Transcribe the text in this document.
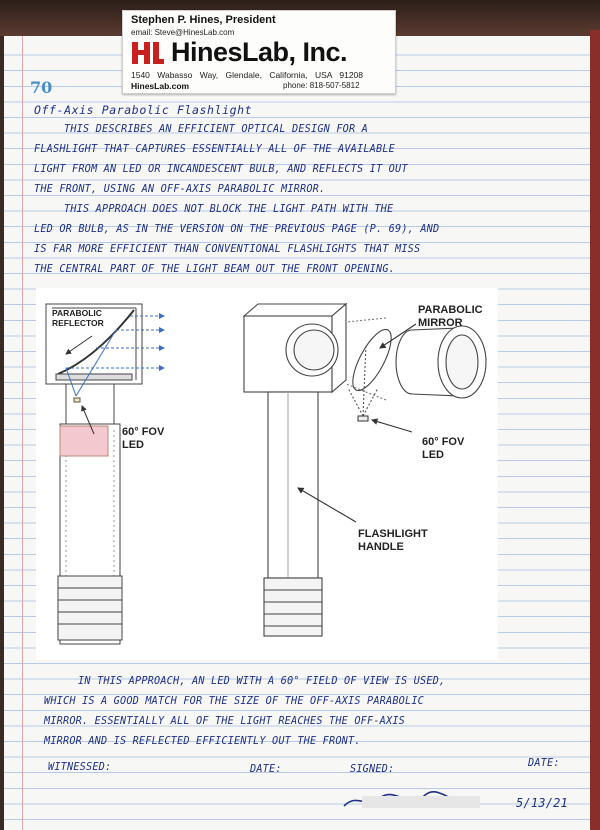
Stephen P. Hines, President
email: Steve@HinesLab.com
HinesLab, Inc.
1540 Wabasso Way, Glendale, California, USA 91208
HinesLab.com	phone: 818-507-5812
70
Off-Axis Parabolic Flashlight
THIS DESCRIBES AN EFFICIENT OPTICAL DESIGN FOR A
FLASHLIGHT THAT CAPTURES ESSENTIALLY ALL OF THE AVAILABLE
LIGHT FROM AN LED OR INCANDESCENT BULB, AND REFLECTS IT OUT
THE FRONT, USING AN OFF-AXIS PARABOLIC MIRROR.
THIS APPROACH DOES NOT BLOCK THE LIGHT PATH WITH THE
LED OR BULB, AS IN THE VERSION ON THE PREVIOUS PAGE (P. 69), AND
IS FAR MORE EFFICIENT THAN CONVENTIONAL FLASHLIGHTS THAT MISS
THE CENTRAL PART OF THE LIGHT BEAM OUT THE FRONT OPENING.
PARABOLIC
REFLECTOR
60° FOV
LED
PARABOLIC
MIRROR
60° FOV
LED
FLASHLIGHT
HANDLE
IN THIS APPROACH, AN LED WITH A 60° FIELD OF VIEW IS USED,
WHICH IS A GOOD MATCH FOR THE SIZE OF THE OFF-AXIS PARABOLIC
MIRROR. ESSENTIALLY ALL OF THE LIGHT REACHES THE OFF-AXIS
MIRROR AND IS REFLECTED EFFICIENTLY OUT THE FRONT.
WITNESSED:	DATE:	SIGNED:
DATE:
5/13/21
